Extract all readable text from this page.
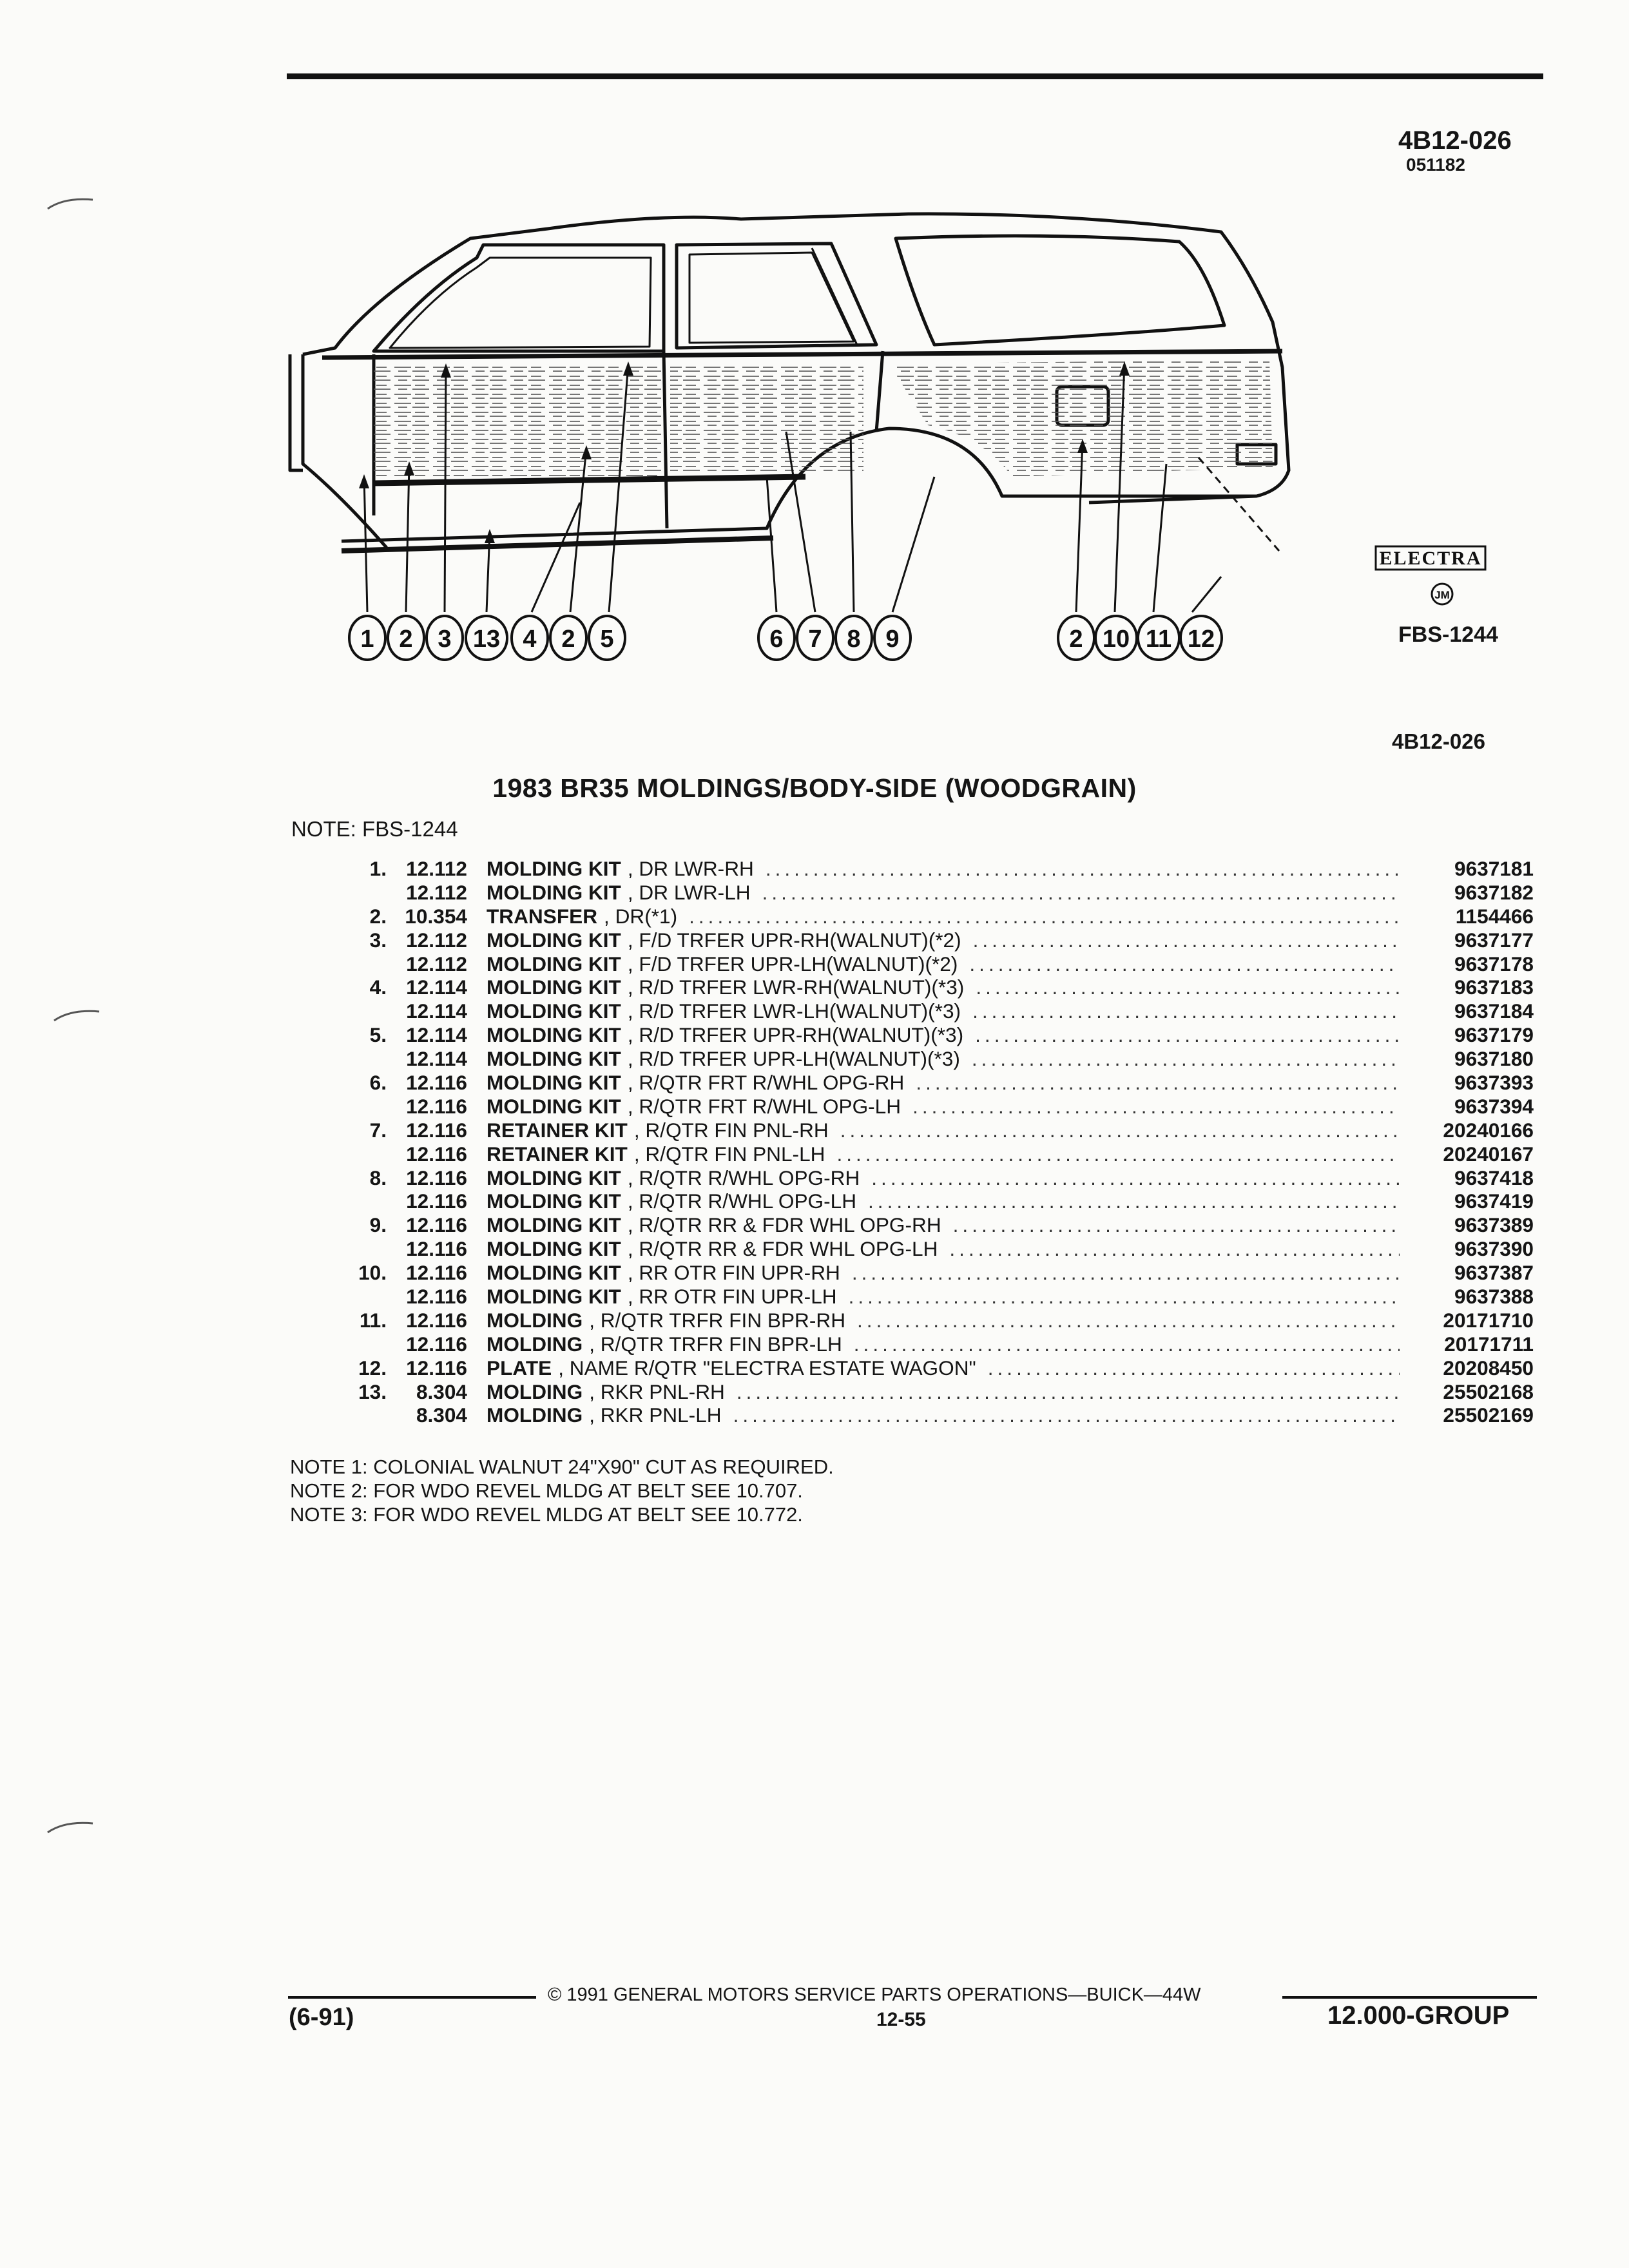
4B12-026
051182
1 2 3 13 4 2 5	6 7 8 9	2 10 11 12
ELECTRA
JM
FBS-1244
4B12-026
1983 BR35 MOLDINGS/BODY-SIDE (WOODGRAIN)
NOTE: FBS-1244
1. 12.112 MOLDING KIT , DR LWR-RH .....	9637181
12.112 MOLDING KIT , DR LWR-LH .....	9637182
2. 10.354 TRANSFER , DR(*1) .....	1154466
3. 12.112 MOLDING KIT , F/D TRFER UPR-RH(WALNUT)(*2) .....	9637177
12.112 MOLDING KIT , F/D TRFER UPR-LH(WALNUT)(*2) .....	9637178
4. 12.114 MOLDING KIT , R/D TRFER LWR-RH(WALNUT)(*3) .....	9637183
12.114 MOLDING KIT , R/D TRFER LWR-LH(WALNUT)(*3) .....	9637184
5. 12.114 MOLDING KIT , R/D TRFER UPR-RH(WALNUT)(*3) .....	9637179
12.114 MOLDING KIT , R/D TRFER UPR-LH(WALNUT)(*3) .....	9637180
6. 12.116 MOLDING KIT , R/QTR FRT R/WHL OPG-RH .....	9637393
12.116 MOLDING KIT , R/QTR FRT R/WHL OPG-LH .....	9637394
7. 12.116 RETAINER KIT , R/QTR FIN PNL-RH .....	20240166
12.116 RETAINER KIT , R/QTR FIN PNL-LH .....	20240167
8. 12.116 MOLDING KIT , R/QTR R/WHL OPG-RH .....	9637418
12.116 MOLDING KIT , R/QTR R/WHL OPG-LH .....	9637419
9. 12.116 MOLDING KIT , R/QTR RR & FDR WHL OPG-RH .....	9637389
12.116 MOLDING KIT , R/QTR RR & FDR WHL OPG-LH .....	9637390
10. 12.116 MOLDING KIT , RR OTR FIN UPR-RH .....	9637387
12.116 MOLDING KIT , RR OTR FIN UPR-LH .....	9637388
11. 12.116 MOLDING , R/QTR TRFR FIN BPR-RH .....	20171710
12.116 MOLDING , R/QTR TRFR FIN BPR-LH .....	20171711
12. 12.116 PLATE , NAME R/QTR "ELECTRA ESTATE WAGON" .....	20208450
13.	8.304 MOLDING , RKR PNL-RH .....	25502168
8.304 MOLDING , RKR PNL-LH .....	25502169
NOTE 1: COLONIAL WALNUT 24"X90" CUT AS REQUIRED.
NOTE 2: FOR WDO REVEL MLDG AT BELT SEE 10.707.
NOTE 3: FOR WDO REVEL MLDG AT BELT SEE 10.772.
© 1991 GENERAL MOTORS SERVICE PARTS OPERATIONS—BUICK—44W
(6-91)	12-55	12.000-GROUP
